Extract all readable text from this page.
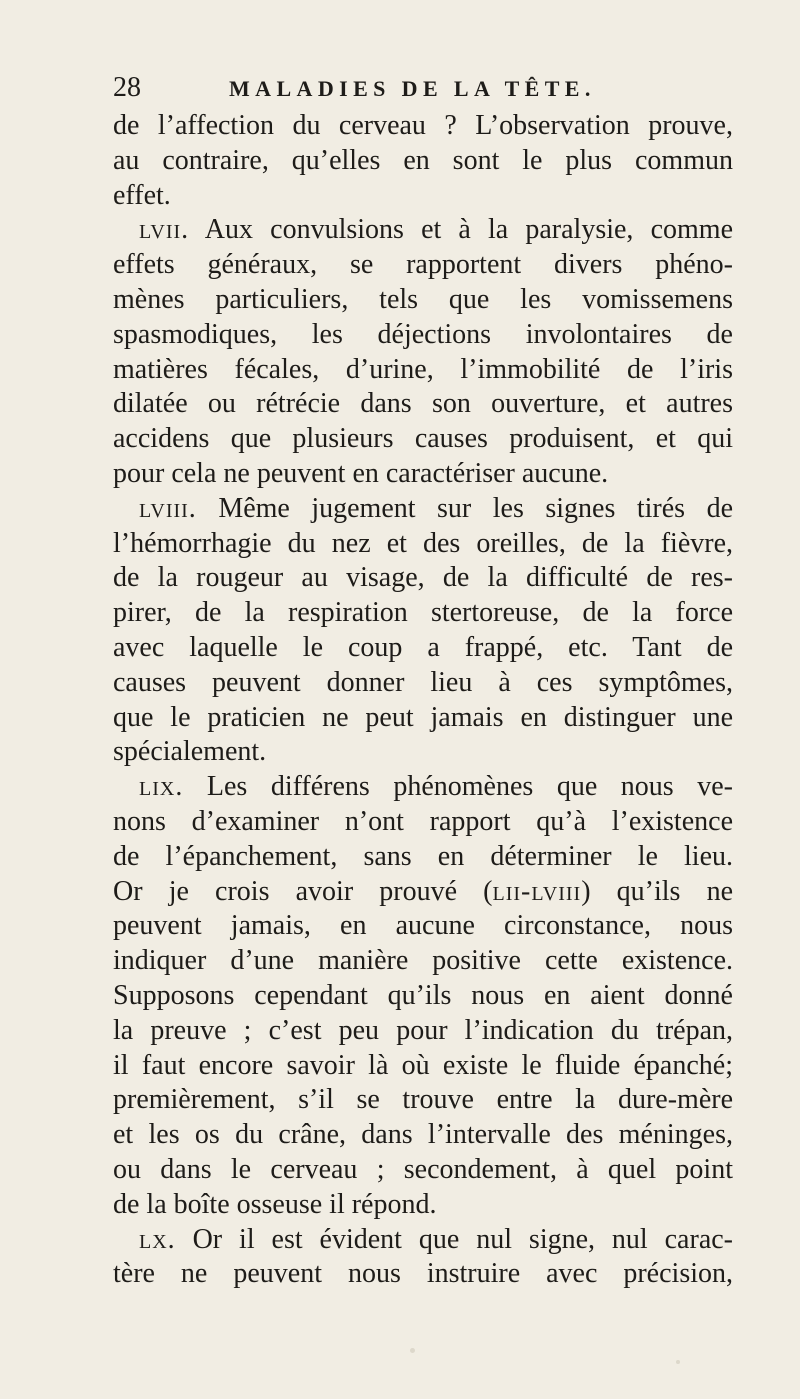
28	MALADIES DE LA TÊTE.
de l’affection du cerveau ? L’observation prouve,
au contraire, qu’elles en sont le plus commun
effet.
lvii. Aux convulsions et à la paralysie, comme
effets généraux, se rapportent divers phéno-
mènes particuliers, tels que les vomissemens
spasmodiques, les déjections involontaires de
matières fécales, d’urine, l’immobilité de l’iris
dilatée ou rétrécie dans son ouverture, et autres
accidens que plusieurs causes produisent, et qui
pour cela ne peuvent en caractériser aucune.
lviii. Même jugement sur les signes tirés de
l’hémorrhagie du nez et des oreilles, de la fièvre,
de la rougeur au visage, de la difficulté de res-
pirer, de la respiration stertoreuse, de la force
avec laquelle le coup a frappé, etc. Tant de
causes peuvent donner lieu à ces symptômes,
que le praticien ne peut jamais en distinguer une
spécialement.
lix. Les différens phénomènes que nous ve-
nons d’examiner n’ont rapport qu’à l’existence
de l’épanchement, sans en déterminer le lieu.
Or je crois avoir prouvé (lii-lviii) qu’ils ne
peuvent jamais, en aucune circonstance, nous
indiquer d’une manière positive cette existence.
Supposons cependant qu’ils nous en aient donné
la preuve ; c’est peu pour l’indication du trépan,
il faut encore savoir là où existe le fluide épanché;
premièrement, s’il se trouve entre la dure-mère
et les os du crâne, dans l’intervalle des méninges,
ou dans le cerveau ; secondement, à quel point
de la boîte osseuse il répond.
lx. Or il est évident que nul signe, nul carac-
tère ne peuvent nous instruire avec précision,
